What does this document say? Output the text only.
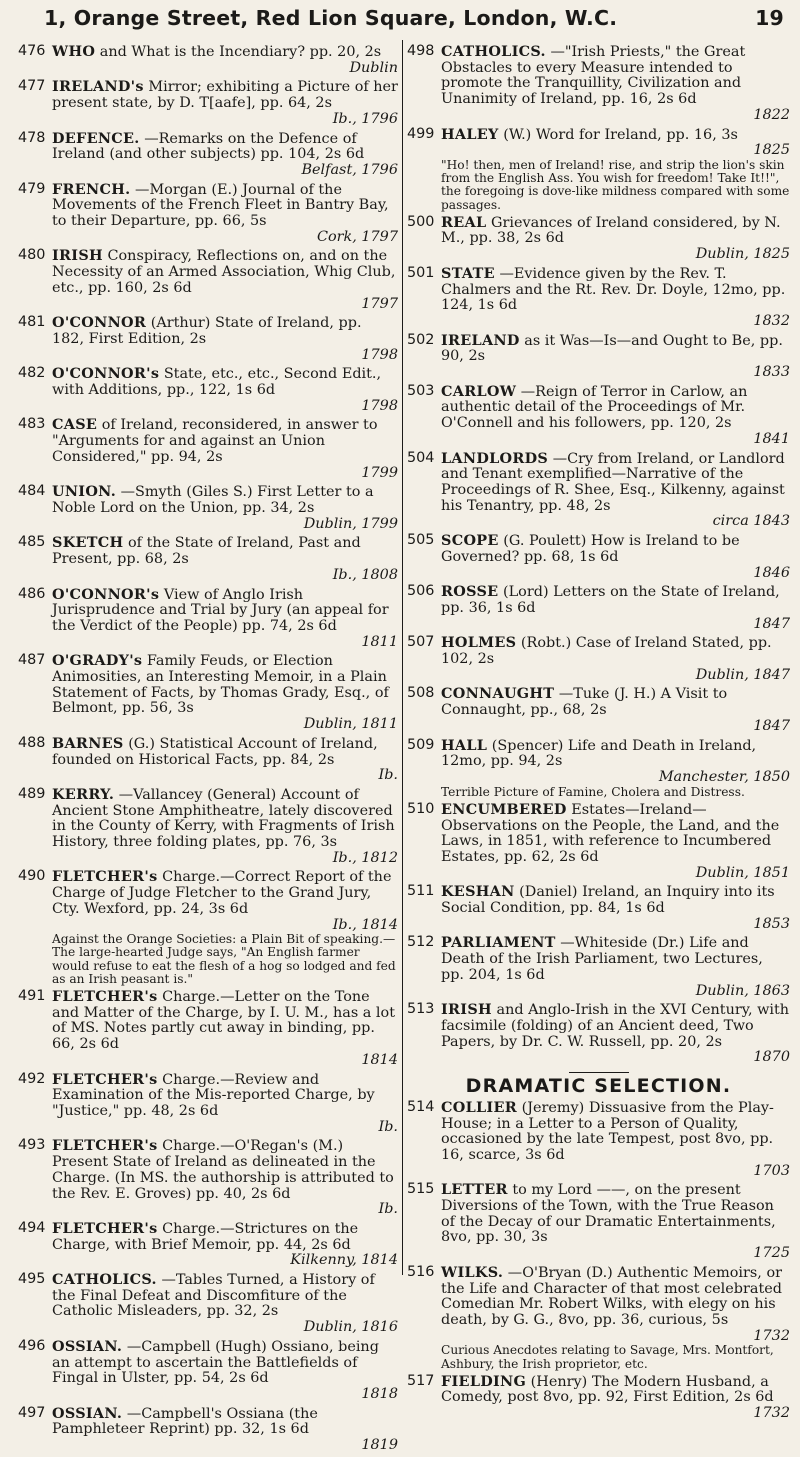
1, Orange Street, Red Lion Square, London, W.C.	19
476 WHO and What is the Incendiary? pp. 20, 2s
Dublin
477 IRELAND's Mirror; exhibiting a Picture of her present state, by D. T[aafe], pp. 64, 2s
Ib., 1796
478 DEFENCE. —Remarks on the Defence of Ireland (and other subjects) pp. 104, 2s 6d
Belfast, 1796
479 FRENCH. —Morgan (E.) Journal of the Movements of the French Fleet in Bantry Bay, to their Departure, pp. 66, 5s
Cork, 1797
480 IRISH Conspiracy, Reflections on, and on the Necessity of an Armed Association, Whig Club, etc., pp. 160, 2s 6d
1797
481 O'CONNOR (Arthur) State of Ireland, pp. 182, First Edition, 2s
1798
482 O'CONNOR's State, etc., etc., Second Edit., with Additions, pp., 122, 1s 6d
1798
483 CASE of Ireland, reconsidered, in answer to "Arguments for and against an Union Considered," pp. 94, 2s
1799
484 UNION. —Smyth (Giles S.) First Letter to a Noble Lord on the Union, pp. 34, 2s
Dublin, 1799
485 SKETCH of the State of Ireland, Past and Present, pp. 68, 2s
Ib., 1808
486 O'CONNOR's View of Anglo Irish Jurisprudence and Trial by Jury (an appeal for the Verdict of the People) pp. 74, 2s 6d
1811
487 O'GRADY's Family Feuds, or Election Animosities, an Interesting Memoir, in a Plain Statement of Facts, by Thomas Grady, Esq., of Belmont, pp. 56, 3s
Dublin, 1811
488 BARNES (G.) Statistical Account of Ireland, founded on Historical Facts, pp. 84, 2s
Ib.
489 KERRY. —Vallancey (General) Account of Ancient Stone Amphitheatre, lately discovered in the County of Kerry, with Fragments of Irish History, three folding plates, pp. 76, 3s
Ib., 1812
490 FLETCHER's Charge.—Correct Report of the Charge of Judge Fletcher to the Grand Jury, Cty. Wexford, pp. 24, 3s 6d
Ib., 1814
Against the Orange Societies: a Plain Bit of speaking.—The large-hearted Judge says, "An English farmer would refuse to eat the flesh of a hog so lodged and fed as an Irish peasant is."
491 FLETCHER's Charge.—Letter on the Tone and Matter of the Charge, by I. U. M., has a lot of MS. Notes partly cut away in binding, pp. 66, 2s 6d
1814
492 FLETCHER's Charge.—Review and Examination of the Mis-reported Charge, by "Justice," pp. 48, 2s 6d
Ib.
493 FLETCHER's Charge.—O'Regan's (M.) Present State of Ireland as delineated in the Charge. (In MS. the authorship is attributed to the Rev. E. Groves) pp. 40, 2s 6d
Ib.
494 FLETCHER's Charge.—Strictures on the Charge, with Brief Memoir, pp. 44, 2s 6d
Kilkenny, 1814
495 CATHOLICS. —Tables Turned, a History of the Final Defeat and Discomfiture of the Catholic Misleaders, pp. 32, 2s
Dublin, 1816
496 OSSIAN. —Campbell (Hugh) Ossiano, being an attempt to ascertain the Battlefields of Fingal in Ulster, pp. 54, 2s 6d
1818
497 OSSIAN. —Campbell's Ossiana (the Pamphleteer Reprint) pp. 32, 1s 6d
1819
498 CATHOLICS. —"Irish Priests," the Great Obstacles to every Measure intended to promote the Tranquillity, Civilization and Unanimity of Ireland, pp. 16, 2s 6d
1822
499 HALEY (W.) Word for Ireland, pp. 16, 3s
1825
"Ho! then, men of Ireland! rise, and strip the lion's skin from the English Ass. You wish for freedom! Take It!!", the foregoing is dove-like mildness compared with some passages.
500 REAL Grievances of Ireland considered, by N. M., pp. 38, 2s 6d
Dublin, 1825
501 STATE —Evidence given by the Rev. T. Chalmers and the Rt. Rev. Dr. Doyle, 12mo, pp. 124, 1s 6d
1832
502 IRELAND as it Was—Is—and Ought to Be, pp. 90, 2s
1833
503 CARLOW —Reign of Terror in Carlow, an authentic detail of the Proceedings of Mr. O'Connell and his followers, pp. 120, 2s
1841
504 LANDLORDS —Cry from Ireland, or Landlord and Tenant exemplified—Narrative of the Proceedings of R. Shee, Esq., Kilkenny, against his Tenantry, pp. 48, 2s
circa 1843
505 SCOPE (G. Poulett) How is Ireland to be Governed? pp. 68, 1s 6d
1846
506 ROSSE (Lord) Letters on the State of Ireland, pp. 36, 1s 6d
1847
507 HOLMES (Robt.) Case of Ireland Stated, pp. 102, 2s
Dublin, 1847
508 CONNAUGHT —Tuke (J. H.) A Visit to Connaught, pp., 68, 2s
1847
509 HALL (Spencer) Life and Death in Ireland, 12mo, pp. 94, 2s
Manchester, 1850
Terrible Picture of Famine, Cholera and Distress.
510 ENCUMBERED Estates—Ireland—Observations on the People, the Land, and the Laws, in 1851, with reference to Incumbered Estates, pp. 62, 2s 6d
Dublin, 1851
511 KESHAN (Daniel) Ireland, an Inquiry into its Social Condition, pp. 84, 1s 6d
1853
512 PARLIAMENT —Whiteside (Dr.) Life and Death of the Irish Parliament, two Lectures, pp. 204, 1s 6d
Dublin, 1863
513 IRISH and Anglo-Irish in the XVI Century, with facsimile (folding) of an Ancient deed, Two Papers, by Dr. C. W. Russell, pp. 20, 2s
1870
DRAMATIC SELECTION.
514 COLLIER (Jeremy) Dissuasive from the Play-House; in a Letter to a Person of Quality, occasioned by the late Tempest, post 8vo, pp. 16, scarce, 3s 6d
1703
515 LETTER to my Lord ——, on the present Diversions of the Town, with the True Reason of the Decay of our Dramatic Entertainments, 8vo, pp. 30, 3s
1725
516 WILKS. —O'Bryan (D.) Authentic Memoirs, or the Life and Character of that most celebrated Comedian Mr. Robert Wilks, with elegy on his death, by G. G., 8vo, pp. 36, curious, 5s
1732
Curious Anecdotes relating to Savage, Mrs. Montfort, Ashbury, the Irish proprietor, etc.
517 FIELDING (Henry) The Modern Husband, a Comedy, post 8vo, pp. 92, First Edition, 2s 6d
1732
